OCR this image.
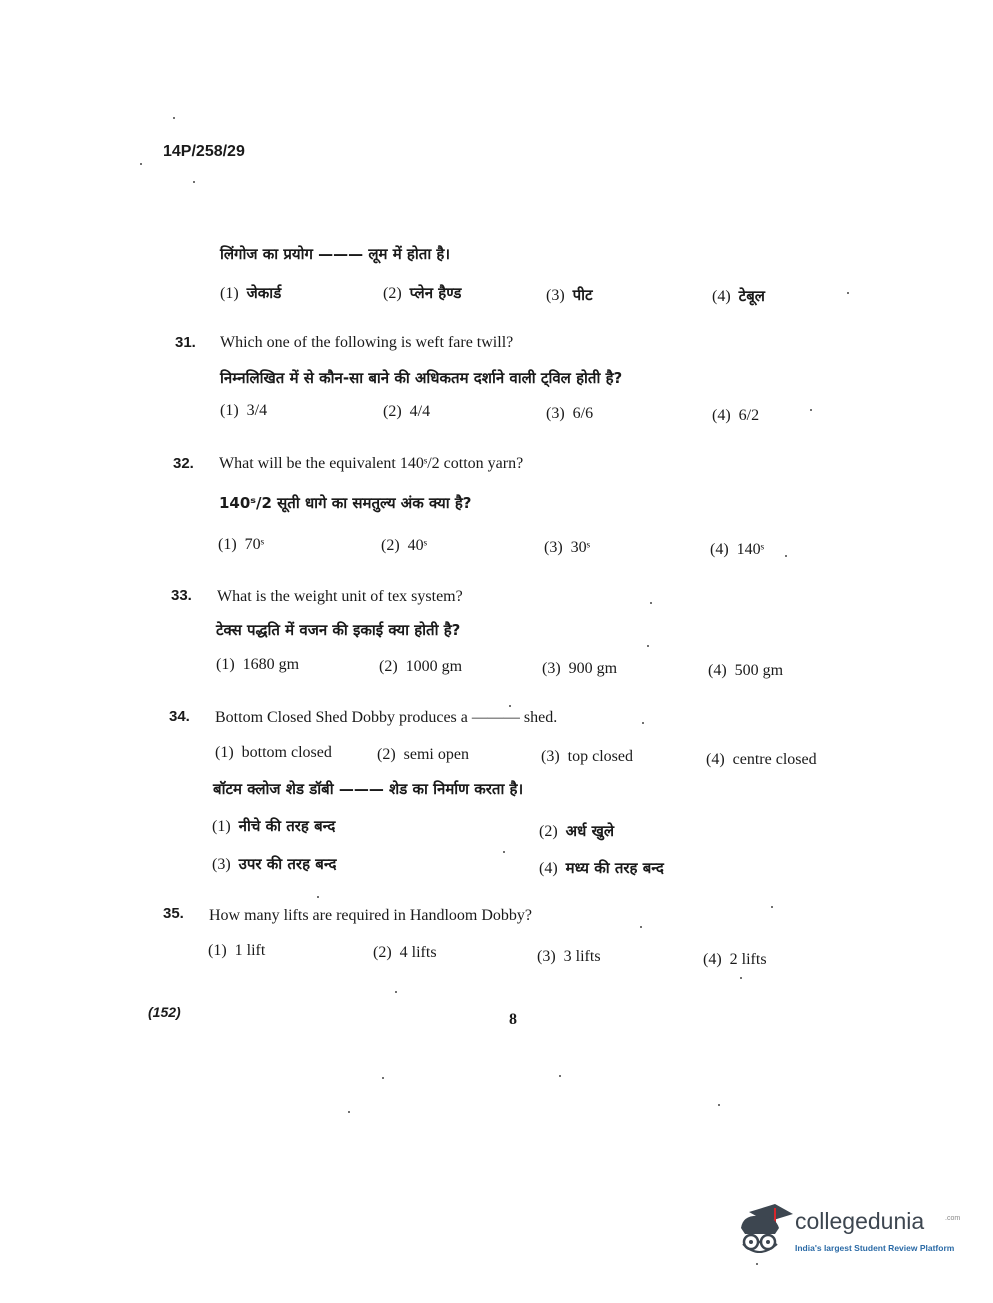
14P/258/29
लिंगोज का प्रयोग ——— लूम में होता है।
(1) जेकार्ड	(2) प्लेन हैण्ड	(3) पीट	(4) टेबूल
31. Which one of the following is weft fare twill?
निम्नलिखित में से कौन-सा बाने की अधिकतम दर्शाने वाली ट्विल होती है?
(1) 3/4	(2) 4/4	(3) 6/6	(4) 6/2
32. What will be the equivalent 140ˢ/2 cotton yarn?
140ˢ/2 सूती धागे का समतुल्य अंक क्या है?
(1) 70ˢ	(2) 40ˢ	(3) 30ˢ	(4) 140ˢ
33. What is the weight unit of tex system?
टेक्स पद्धति में वजन की इकाई क्या होती है?
(1) 1680 gm	(2) 1000 gm	(3) 900 gm	(4) 500 gm
34. Bottom Closed Shed Dobby produces a ——— shed.
(1) bottom closed	(2) semi open	(3) top closed	(4) centre closed
बॉटम क्लोज शेड डॉबी ——— शेड का निर्माण करता है।
(1) नीचे की तरह बन्द	(2) अर्ध खुले
(3) उपर की तरह बन्द	(4) मध्य की तरह बन्द
35. How many lifts are required in Handloom Dobby?
(1) 1 lift	(2) 4 lifts	(3) 3 lifts	(4) 2 lifts
(152)	8
collegedunia	.com
India's largest Student Review Platform
